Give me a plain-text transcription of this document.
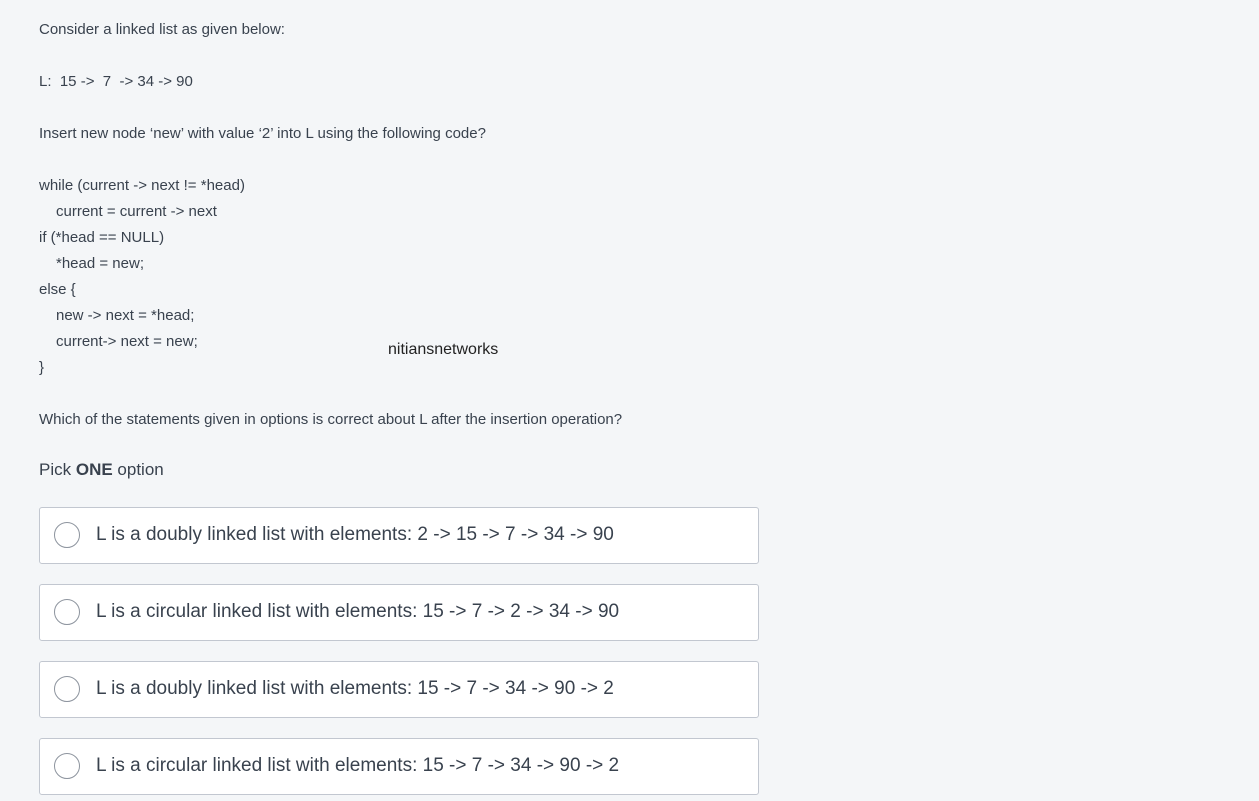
Consider a linked list as given below:
L:  15 ->  7  -> 34 -> 90
Insert new node ‘new’ with value ‘2’ into L using the following code?
while (current -> next != *head)
current = current -> next
if (*head == NULL)
*head = new;
else {
new -> next = *head;
current-> next = new;
}
nitiansnetworks
Which of the statements given in options is correct about L after the insertion operation?
Pick ONE option
L is a doubly linked list with elements: 2 -> 15 -> 7 -> 34 -> 90
L is a circular linked list with elements: 15 -> 7 -> 2 -> 34 -> 90
L is a doubly linked list with elements: 15 -> 7 -> 34 -> 90 -> 2
L is a circular linked list with elements: 15 -> 7 -> 34 -> 90 -> 2
